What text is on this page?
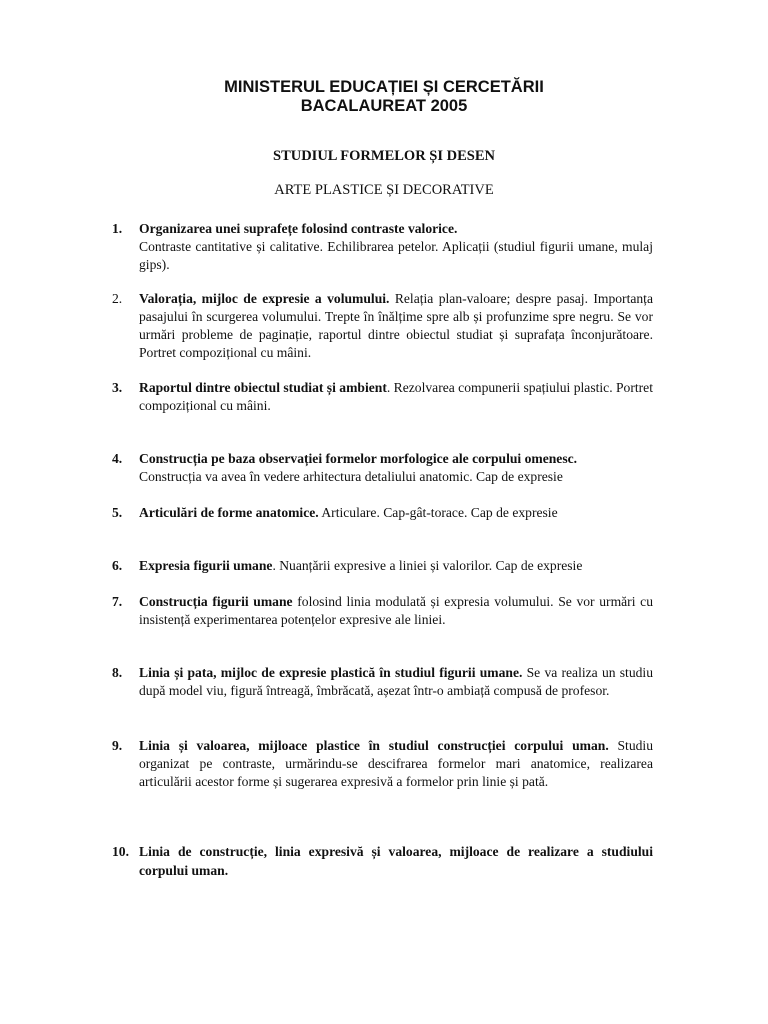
MINISTERUL EDUCAȚIEI ȘI CERCETĂRII
BACALAUREAT 2005
STUDIUL FORMELOR ȘI DESEN
ARTE PLASTICE ȘI DECORATIVE
1.	Organizarea unei suprafețe folosind contraste valorice.
Contraste cantitative și calitative. Echilibrarea petelor. Aplicații (studiul figurii umane, mulaj gips).
2.	Valorația, mijloc de expresie a volumului. Relația plan-valoare; despre pasaj. Importanța pasajului în scurgerea volumului. Trepte în înălțime spre alb și profunzime spre negru. Se vor urmări probleme de paginație, raportul dintre obiectul studiat și suprafața înconjurătoare. Portret compozițional cu mâini.
3.	Raportul dintre obiectul studiat și ambient. Rezolvarea compunerii spațiului plastic. Portret compozițional cu mâini.
4.	Construcția pe baza observației formelor morfologice ale corpului omenesc.
Construcția va avea în vedere arhitectura detaliului anatomic. Cap de expresie
5.	Articulări de forme anatomice. Articulare. Cap-gât-torace. Cap de expresie
6.	Expresia figurii umane. Nuanțării expresive a liniei și valorilor. Cap de expresie
7.	Construcția figurii umane folosind linia modulată și expresia volumului. Se vor urmări cu insistență experimentarea potențelor expresive ale liniei.
8.	Linia și pata, mijloc de expresie plastică în studiul figurii umane. Se va realiza un studiu după model viu, figură întreagă, îmbrăcată, așezat într-o ambiață compusă de profesor.
9.	Linia și valoarea, mijloace plastice în studiul construcției corpului uman. Studiu organizat pe contraste, urmărindu-se descifrarea formelor mari anatomice, realizarea articulării acestor forme și sugerarea expresivă a formelor prin linie și pată.
10. Linia de construcție, linia expresivă și valoarea, mijloace de realizare a studiului corpului uman.
